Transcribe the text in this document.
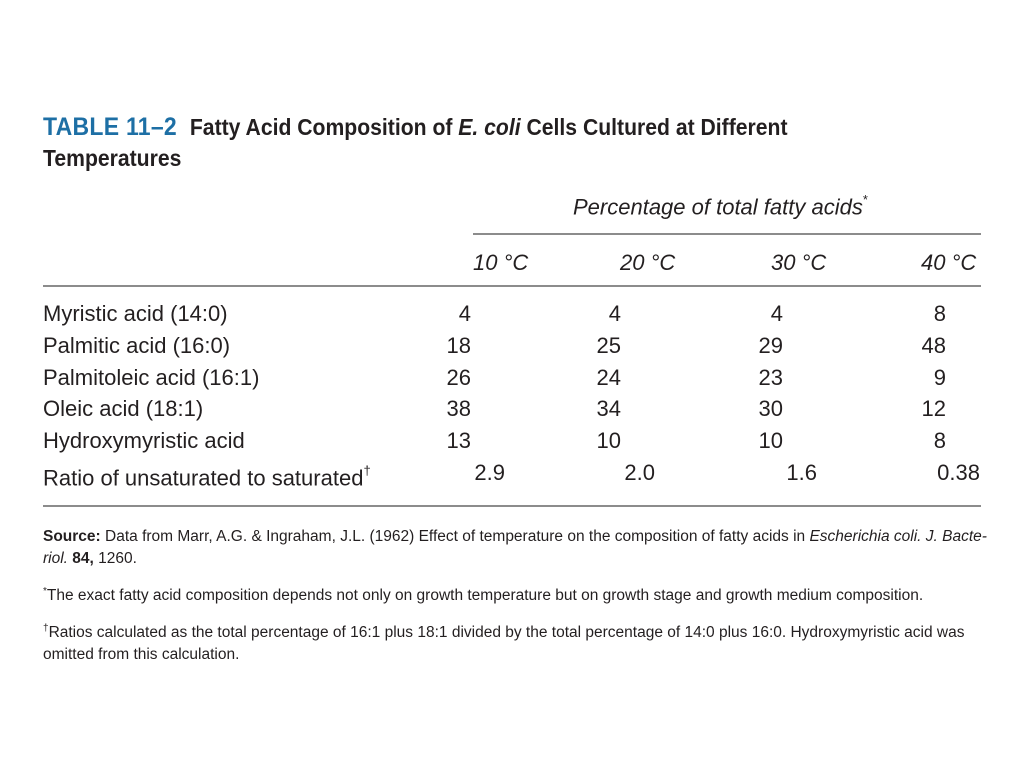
TABLE 11–2 Fatty Acid Composition of E. coli Cells Cultured at Different Temperatures
Percentage of total fatty acids*
10 °C	20 °C	30 °C	40 °C
Myristic acid (14:0)	4	4	4	8
Palmitic acid (16:0)	18	25	29	48
Palmitoleic acid (16:1)	26	24	23	9
Oleic acid (18:1)	38	34	30	12
Hydroxymyristic acid	13	10	10	8
Ratio of unsaturated to saturated†	2.9	2.0	1.6	0.38

Source: Data from Marr, A.G. & Ingraham, J.L. (1962) Effect of temperature on the composition of fatty acids in Escherichia coli. J. Bacte-riol. 84, 1260.

*The exact fatty acid composition depends not only on growth temperature but on growth stage and growth medium composition.

†Ratios calculated as the total percentage of 16:1 plus 18:1 divided by the total percentage of 14:0 plus 16:0. Hydroxymyristic acid was omitted from this calculation.
